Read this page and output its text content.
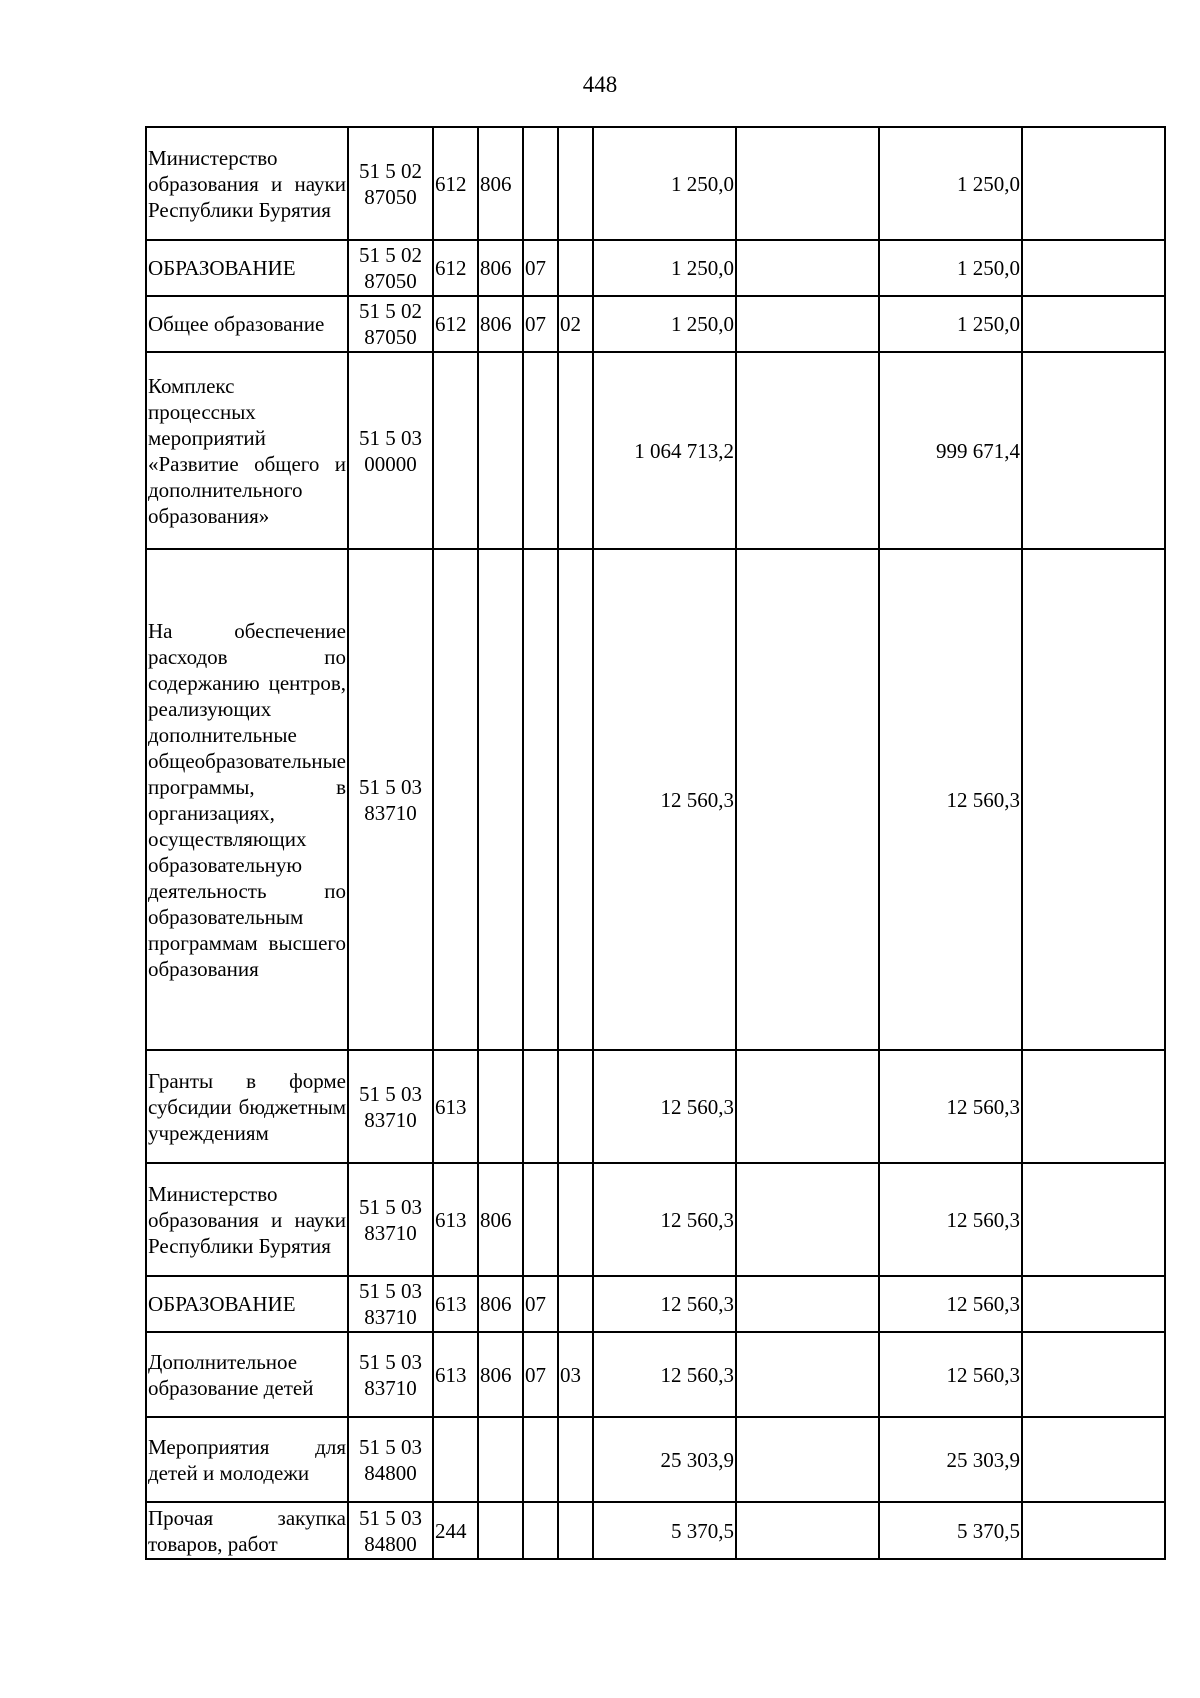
448
Министерство образования и науки Республики Бурятия	51 5 02 87050	612	806			1 250,0		1 250,0	
ОБРАЗОВАНИЕ	51 5 02 87050	612	806	07		1 250,0		1 250,0	
Общее образование	51 5 02 87050	612	806	07	02	1 250,0		1 250,0	
Комплекс процессных мероприятий «Развитие общего и дополнительного образования»	51 5 03 00000					1 064 713,2		999 671,4	
На обеспечение расходов по содержанию центров, реализующих дополнительные общеобразовательные программы, в организациях, осуществляющих образовательную деятельность по образовательным программам высшего образования	51 5 03 83710					12 560,3		12 560,3	
Гранты в форме субсидии бюджетным учреждениям	51 5 03 83710	613				12 560,3		12 560,3	
Министерство образования и науки Республики Бурятия	51 5 03 83710	613	806			12 560,3		12 560,3	
ОБРАЗОВАНИЕ	51 5 03 83710	613	806	07		12 560,3		12 560,3	
Дополнительное образование детей	51 5 03 83710	613	806	07	03	12 560,3		12 560,3	
Мероприятия для детей и молодежи	51 5 03 84800					25 303,9		25 303,9	
Прочая закупка товаров, работ	51 5 03 84800	244				5 370,5		5 370,5	
